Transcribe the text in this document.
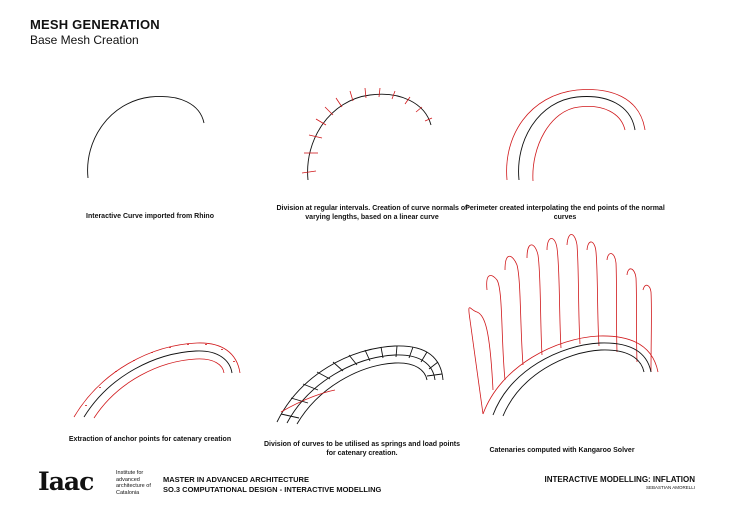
MESH GENERATION
Base Mesh Creation
Interactive Curve imported from Rhino
Division at regular intervals. Creation of curve normals of varying lengths, based on a linear curve
Perimeter created interpolating the end points of the normal curves
Extraction of anchor points for catenary creation
Division of curves to be utilised as springs and load points for catenary creation.	Catenaries computed with Kangaroo Solver
Iaac	Institute for advanced architecture of Catalonia
MASTER IN ADVANCED ARCHITECTURE
SO.3 COMPUTATIONAL DESIGN - INTERACTIVE MODELLING
INTERACTIVE MODELLING: INFLATION
SEBASTIAN AMORELLI
